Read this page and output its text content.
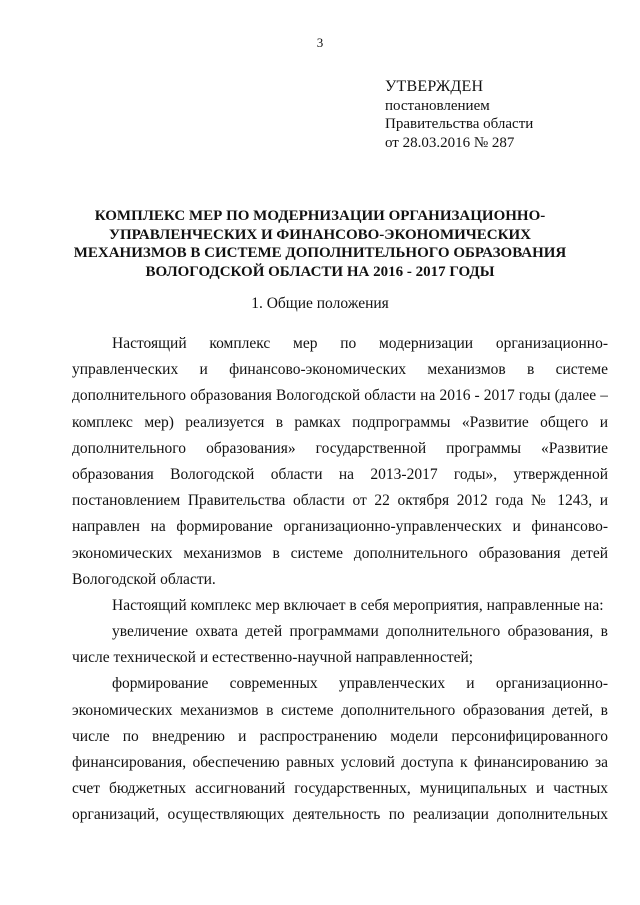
3
УТВЕРЖДЕН
постановлением
Правительства области
от 28.03.2016 № 287
КОМПЛЕКС МЕР ПО МОДЕРНИЗАЦИИ ОРГАНИЗАЦИОННО-
УПРАВЛЕНЧЕСКИХ И ФИНАНСОВО-ЭКОНОМИЧЕСКИХ
МЕХАНИЗМОВ В СИСТЕМЕ ДОПОЛНИТЕЛЬНОГО ОБРАЗОВАНИЯ
ВОЛОГОДСКОЙ ОБЛАСТИ НА 2016 - 2017 ГОДЫ
1. Общие положения
Настоящий комплекс мер по модернизации организационно-
управленческих и финансово-экономических механизмов в системе
дополнительного образования Вологодской области на 2016 - 2017 годы (далее –
комплекс мер) реализуется в рамках подпрограммы «Развитие общего и
дополнительного образования» государственной программы «Развитие
образования Вологодской области на 2013-2017 годы», утвержденной
постановлением Правительства области от 22 октября 2012 года № 1243, и
направлен на формирование организационно-управленческих и финансово-
экономических механизмов в системе дополнительного образования детей
Вологодской области.
Настоящий комплекс мер включает в себя мероприятия, направленные на:
увеличение охвата детей программами дополнительного образования, в
числе технической и естественно-научной направленностей;
формирование современных управленческих и организационно-
экономических механизмов в системе дополнительного образования детей, в
числе по внедрению и распространению модели персонифицированного
финансирования, обеспечению равных условий доступа к финансированию за
счет бюджетных ассигнований государственных, муниципальных и частных
организаций, осуществляющих деятельность по реализации дополнительных
